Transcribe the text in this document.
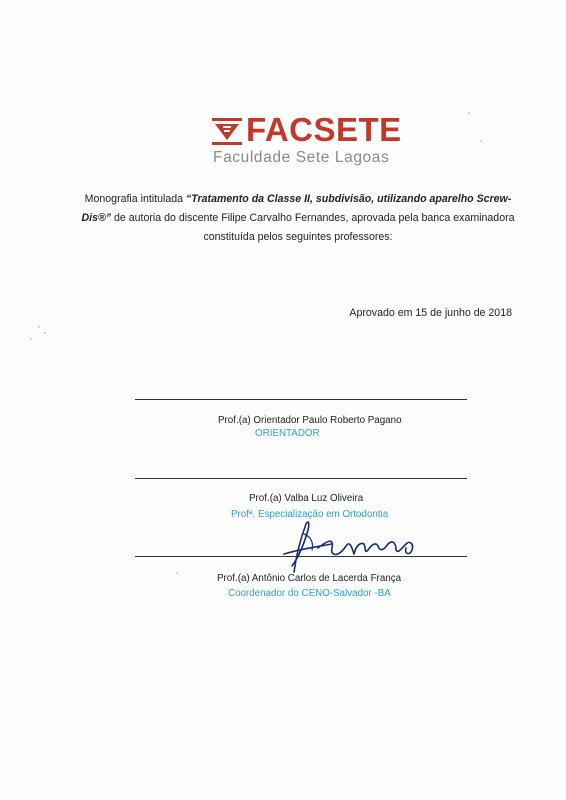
FACSETE
Faculdade Sete Lagoas
Monografia intitulada “Tratamento da Classe II, subdivisão, utilizando aparelho Screw-Dis®” de autoria do discente Filipe Carvalho Fernandes, aprovada pela banca examinadora constituída pelos seguintes professores:
Aprovado em 15 de junho de 2018
Prof.(a) Orientador Paulo Roberto Pagano
ORIENTADOR
Prof.(a) Valba Luz Oliveira
Profª. Especialização em Ortodontia
Prof.(a) Antônio Carlos de Lacerda França
Coordenador do CENO-Salvador -BA
